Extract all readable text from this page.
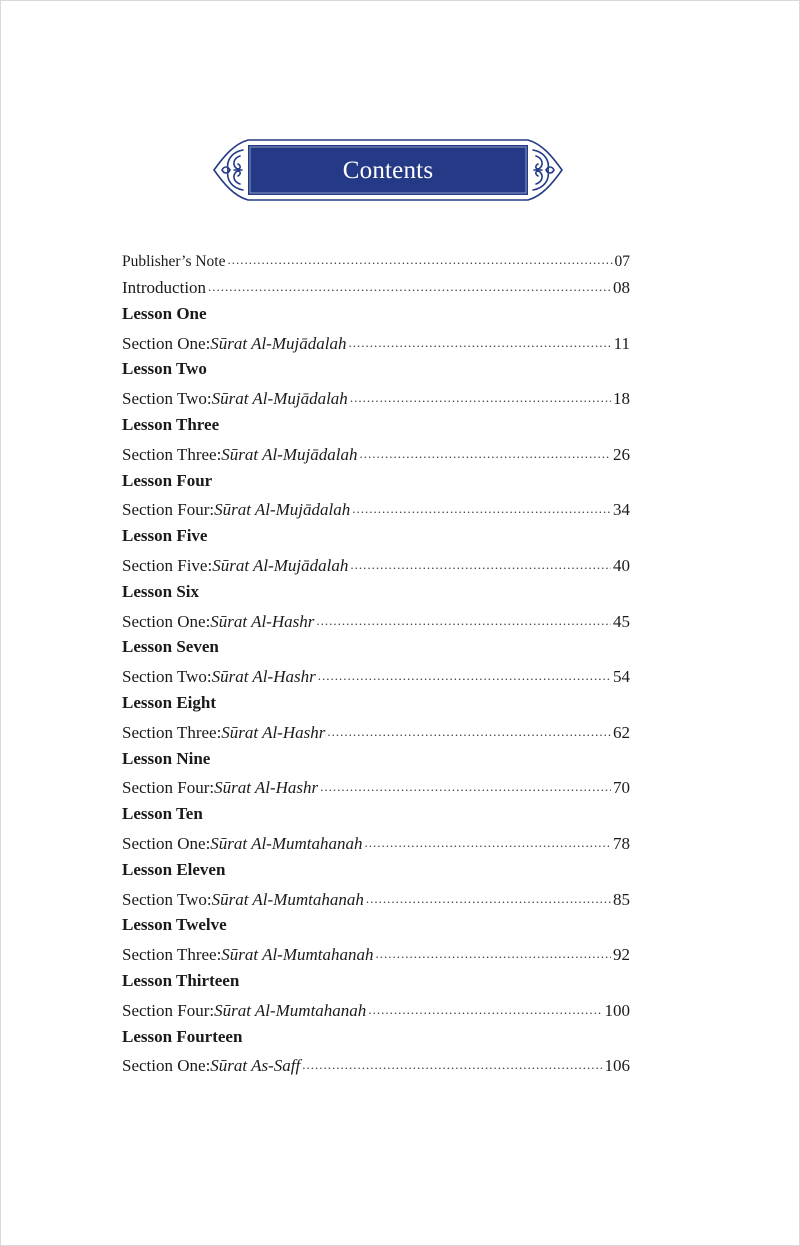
Contents
Publisher’s Note .....	07
Introduction .....	08
Lesson One
Section One: Sūrat Al-Mujādalah .....	11
Lesson Two
Section Two: Sūrat Al-Mujādalah .....	18
Lesson Three
Section Three: Sūrat Al-Mujādalah .....	26
Lesson Four
Section Four: Sūrat Al-Mujādalah .....	34
Lesson Five
Section Five: Sūrat Al-Mujādalah .....	40
Lesson Six
Section One: Sūrat Al-Hashr .....	45
Lesson Seven
Section Two: Sūrat Al-Hashr .....	54
Lesson Eight
Section Three: Sūrat Al-Hashr .....	62
Lesson Nine
Section Four: Sūrat Al-Hashr .....	70
Lesson Ten
Section One: Sūrat Al-Mumtahanah .....	78
Lesson Eleven
Section Two: Sūrat Al-Mumtahanah .....	85
Lesson Twelve
Section Three: Sūrat Al-Mumtahanah .....	92
Lesson Thirteen
Section Four: Sūrat Al-Mumtahanah .....	100
Lesson Fourteen
Section One: Sūrat As-Saff .....	106
